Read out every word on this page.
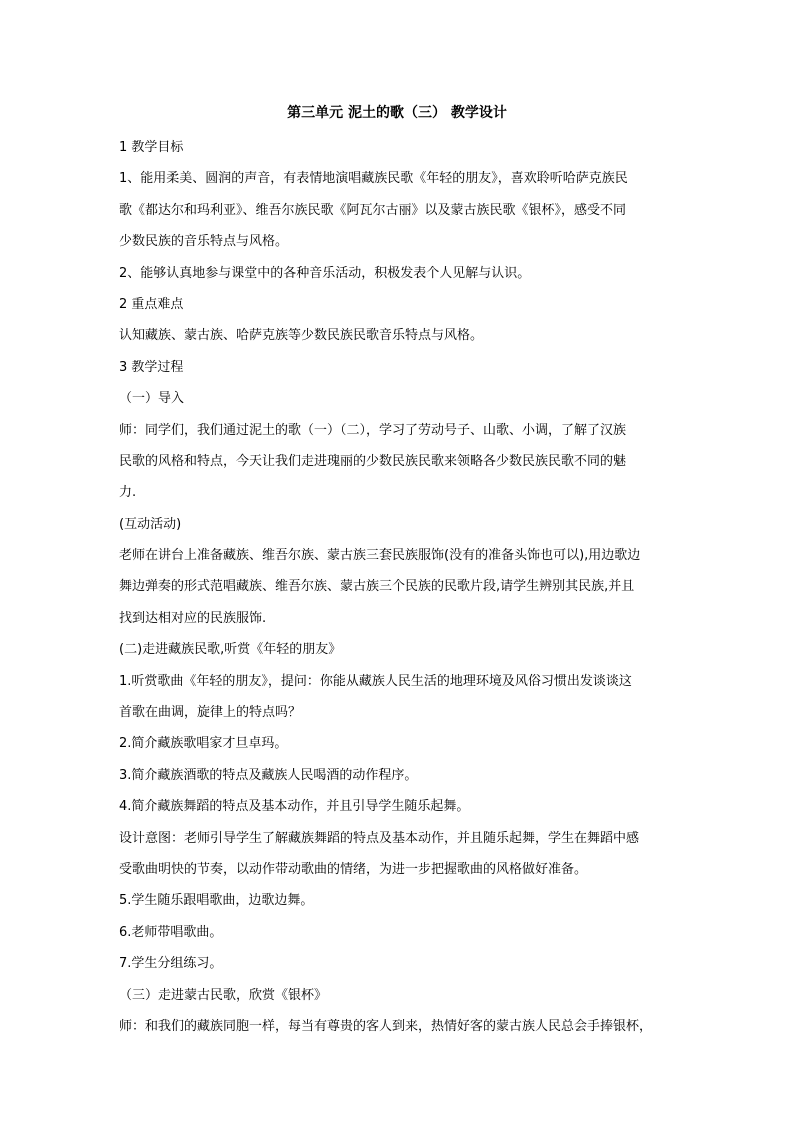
第三单元 泥土的歌（三） 教学设计
1 教学目标
1、能用柔美、圆润的声音，有表情地演唱藏族民歌《年轻的朋友》，喜欢聆听哈萨克族民
歌《都达尔和玛利亚》、维吾尔族民歌《阿瓦尔古丽》以及蒙古族民歌《银杯》，感受不同
少数民族的音乐特点与风格。
2、能够认真地参与课堂中的各种音乐活动，积极发表个人见解与认识。
2 重点难点
认知藏族、蒙古族、哈萨克族等少数民族民歌音乐特点与风格。
3 教学过程
（一）导入
师：同学们，我们通过泥土的歌（一）（二），学习了劳动号子、山歌、小调，了解了汉族
民歌的风格和特点，今天让我们走进瑰丽的少数民族民歌来领略各少数民族民歌不同的魅
力.
(互动活动)
老师在讲台上准备藏族、维吾尔族、蒙古族三套民族服饰(没有的准备头饰也可以),用边歌边
舞边弹奏的形式范唱藏族、维吾尔族、蒙古族三个民族的民歌片段,请学生辨别其民族,并且
找到达相对应的民族服饰.
(二)走进藏族民歌,听赏《年轻的朋友》
1.听赏歌曲《年轻的朋友》，提问：你能从藏族人民生活的地理环境及风俗习惯出发谈谈这
首歌在曲调，旋律上的特点吗？
2.简介藏族歌唱家才旦卓玛。
3.简介藏族酒歌的特点及藏族人民喝酒的动作程序。
4.简介藏族舞蹈的特点及基本动作，并且引导学生随乐起舞。
设计意图：老师引导学生了解藏族舞蹈的特点及基本动作，并且随乐起舞，学生在舞蹈中感
受歌曲明快的节奏，以动作带动歌曲的情绪，为进一步把握歌曲的风格做好准备。
5.学生随乐跟唱歌曲，边歌边舞。
6.老师带唱歌曲。
7.学生分组练习。
（三）走进蒙古民歌，欣赏《银杯》
师：和我们的藏族同胞一样，每当有尊贵的客人到来，热情好客的蒙古族人民总会手捧银杯，
